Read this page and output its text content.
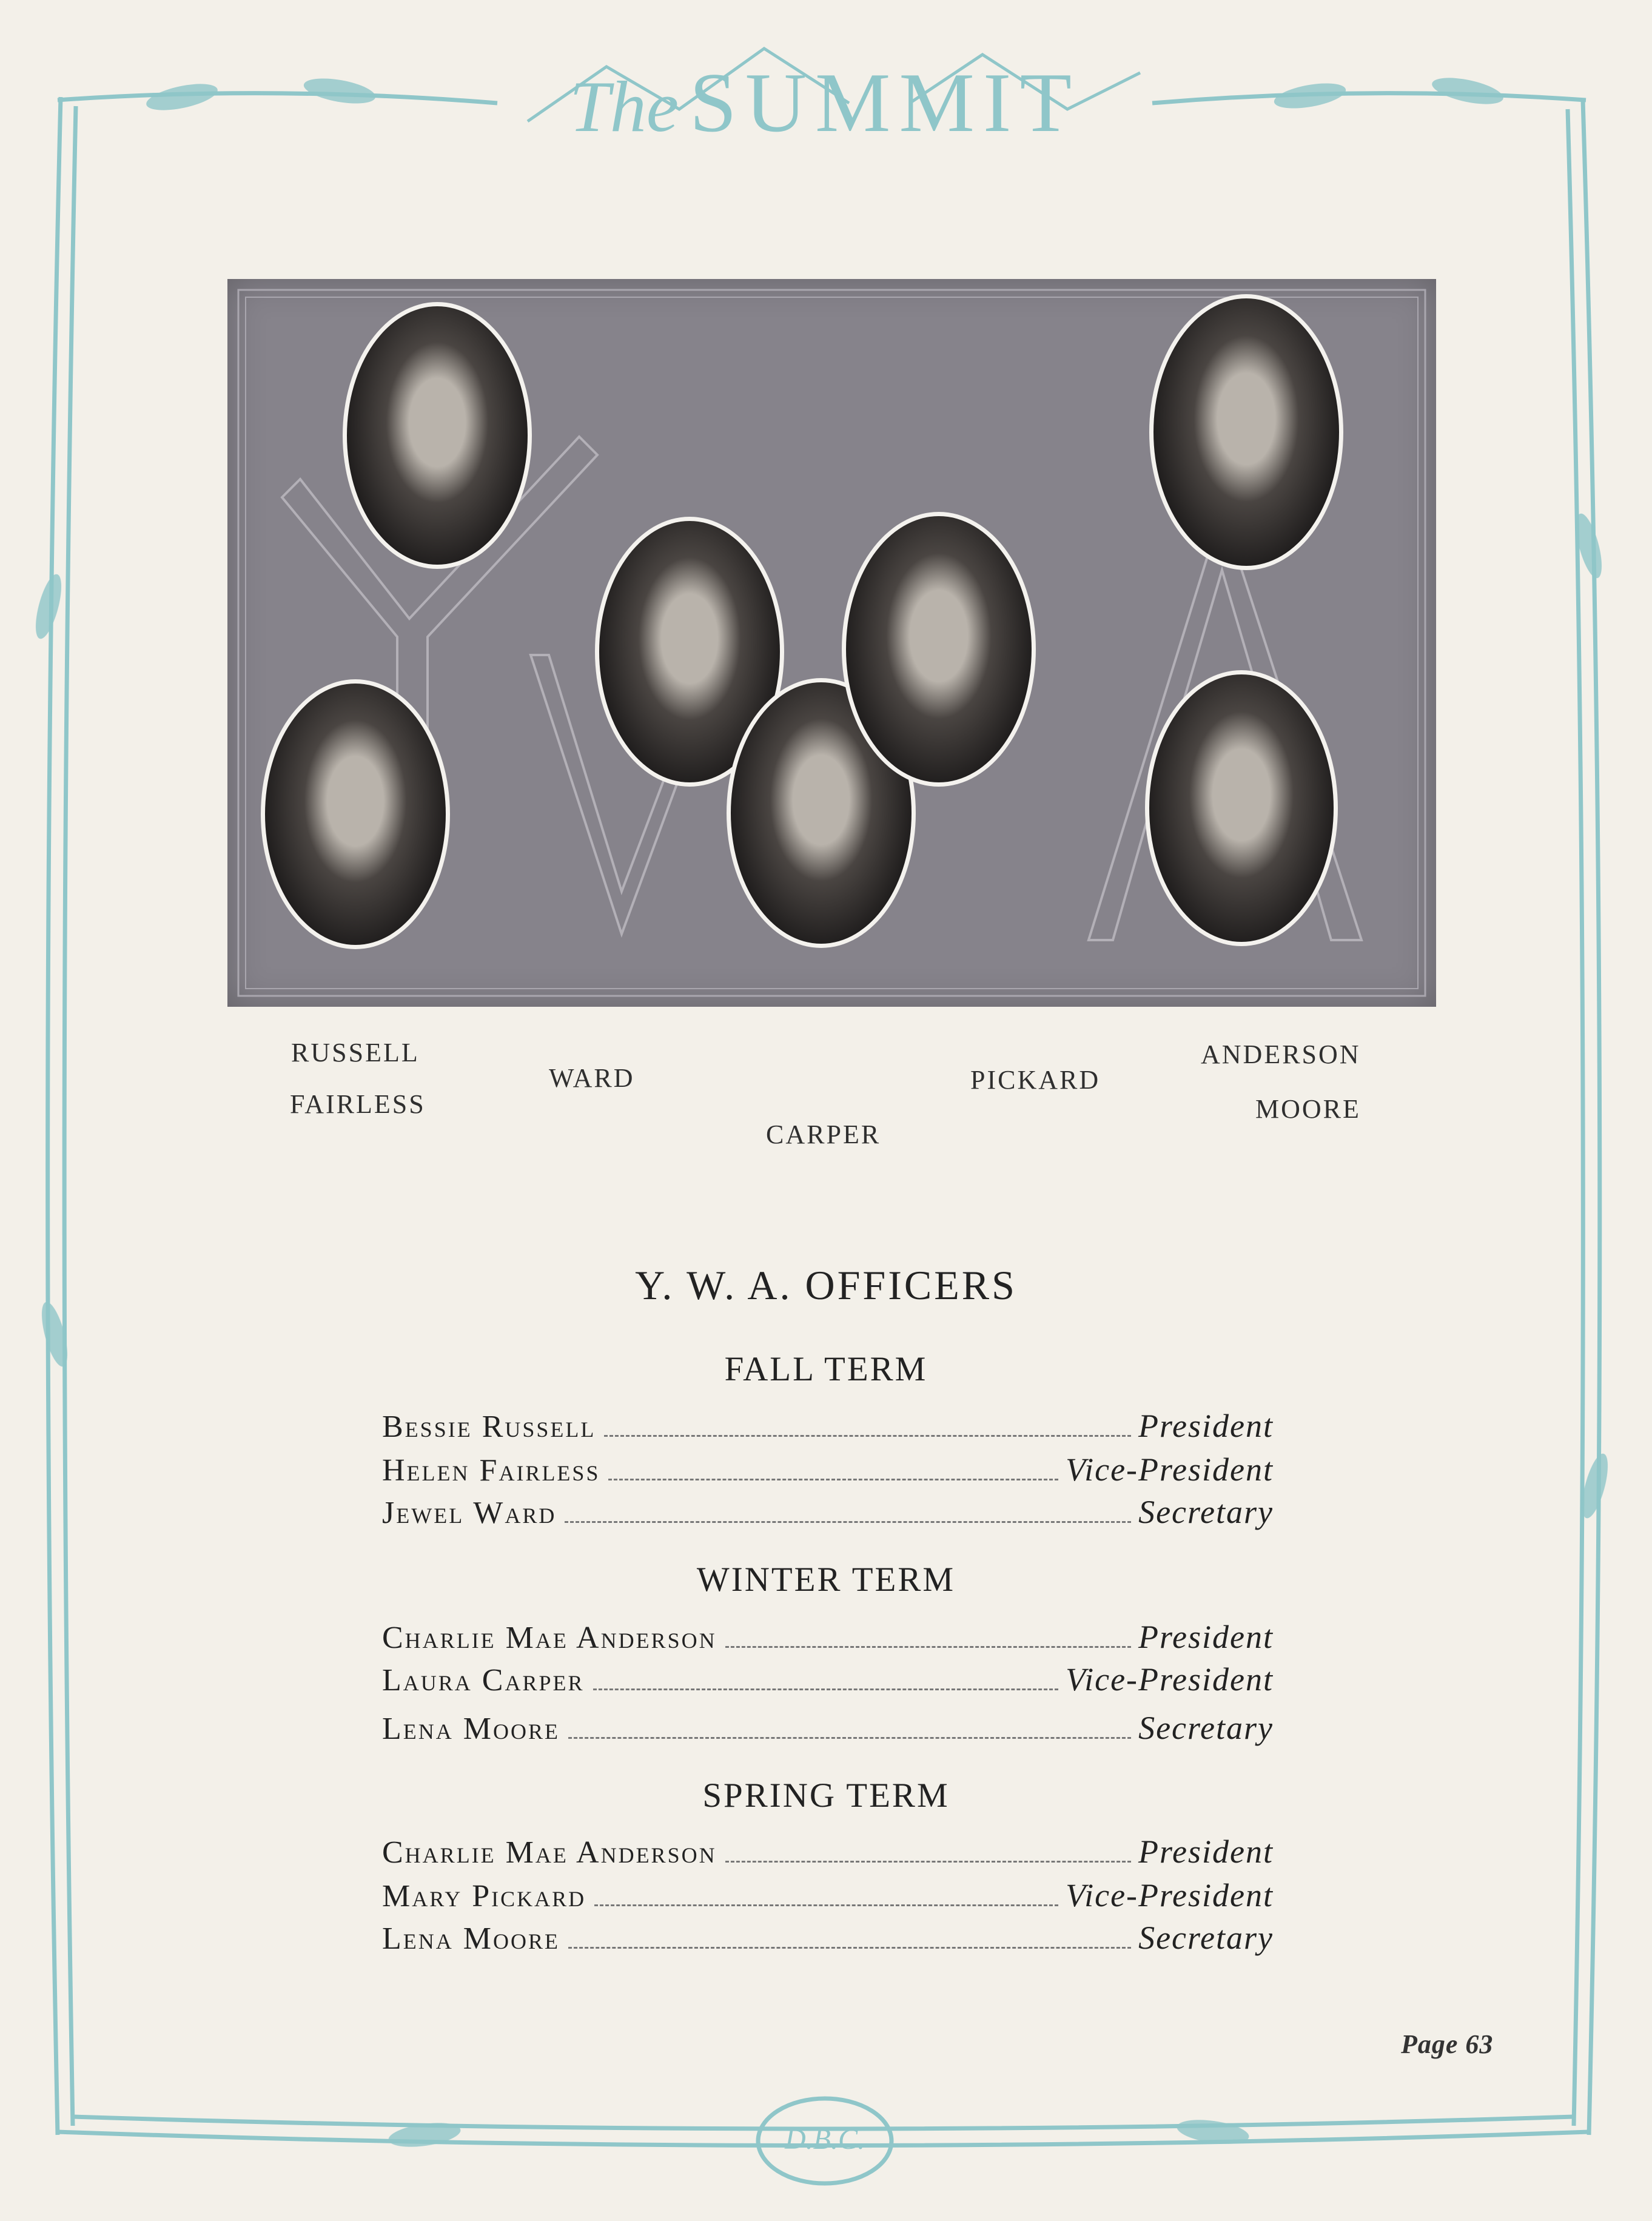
The SUMMIT
D.B.C.
RUSSELL
FAIRLESS
WARD
CARPER
PICKARD
ANDERSON
MOORE
Y. W. A. OFFICERS
FALL TERM
Bessie Russell	President
Helen Fairless	Vice-President
Jewel Ward	Secretary
WINTER TERM
Charlie Mae Anderson	President
Laura Carper	Vice-President
Lena Moore	Secretary
SPRING TERM
Charlie Mae Anderson	President
Mary Pickard	Vice-President
Lena Moore	Secretary
Page 63
